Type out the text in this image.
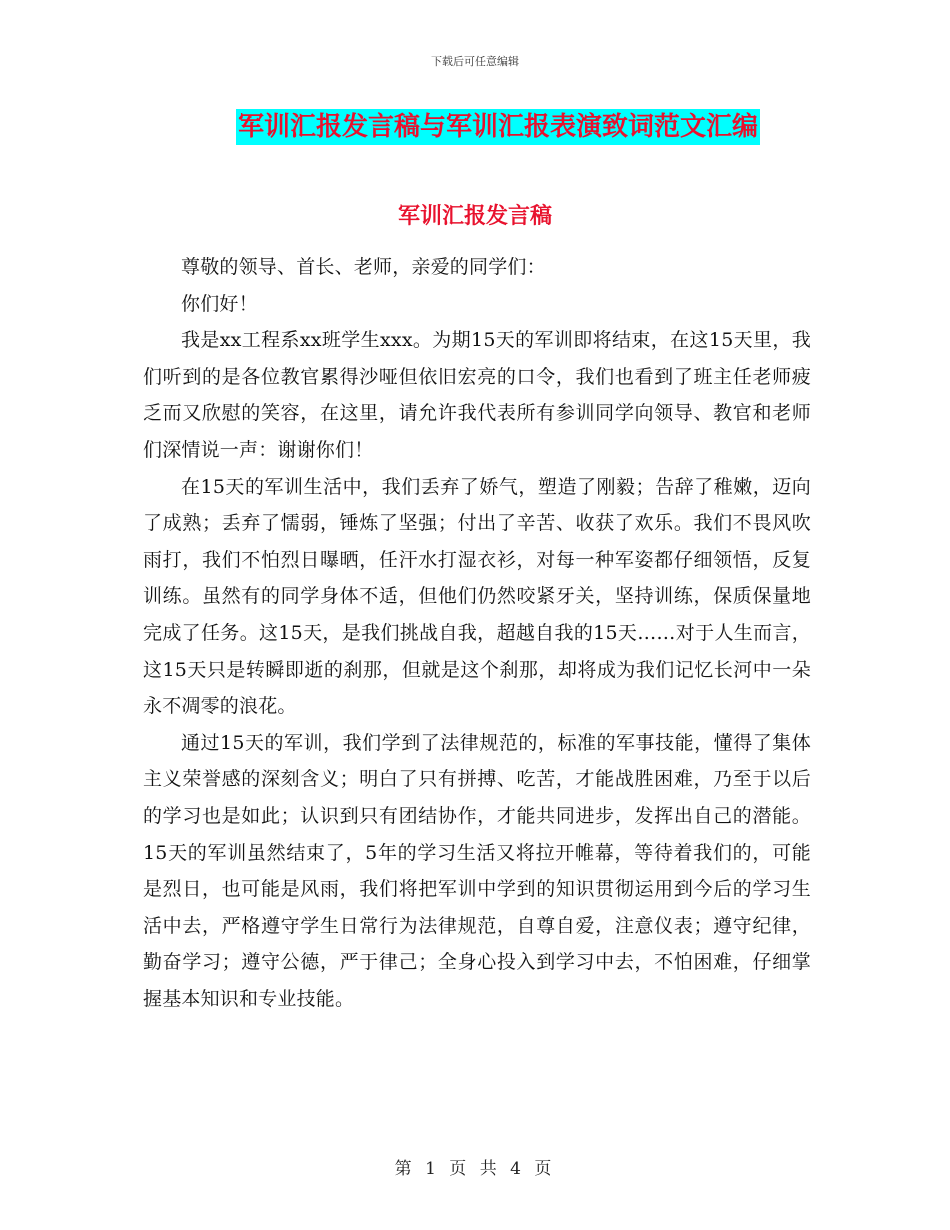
下载后可任意编辑
军训汇报发言稿与军训汇报表演致词范文汇编
军训汇报发言稿

尊敬的领导、首长、老师，亲爱的同学们：

你们好！

我是xx工程系xx班学生xxx。为期15天的军训即将结束，在这15天里，我们听到的是各位教官累得沙哑但依旧宏亮的口令，我们也看到了班主任老师疲乏而又欣慰的笑容，在这里，请允许我代表所有参训同学向领导、教官和老师们深情说一声：谢谢你们！

在15天的军训生活中，我们丢弃了娇气，塑造了刚毅；告辞了稚嫩，迈向了成熟；丢弃了懦弱，锤炼了坚强；付出了辛苦、收获了欢乐。我们不畏风吹雨打，我们不怕烈日曝晒，任汗水打湿衣衫，对每一种军姿都仔细领悟，反复训练。虽然有的同学身体不适，但他们仍然咬紧牙关，坚持训练，保质保量地完成了任务。这15天，是我们挑战自我，超越自我的15天……对于人生而言，这15天只是转瞬即逝的刹那，但就是这个刹那，却将成为我们记忆长河中一朵永不凋零的浪花。

通过15天的军训，我们学到了法律规范的，标准的军事技能，懂得了集体主义荣誉感的深刻含义；明白了只有拼搏、吃苦，才能战胜困难，乃至于以后的学习也是如此；认识到只有团结协作，才能共同进步，发挥出自己的潜能。15天的军训虽然结束了，5年的学习生活又将拉开帷幕，等待着我们的，可能是烈日，也可能是风雨，我们将把军训中学到的知识贯彻运用到今后的学习生活中去，严格遵守学生日常行为法律规范，自尊自爱，注意仪表；遵守纪律，勤奋学习；遵守公德，严于律己；全身心投入到学习中去，不怕困难，仔细掌握基本知识和专业技能。

第 1 页 共 4 页
